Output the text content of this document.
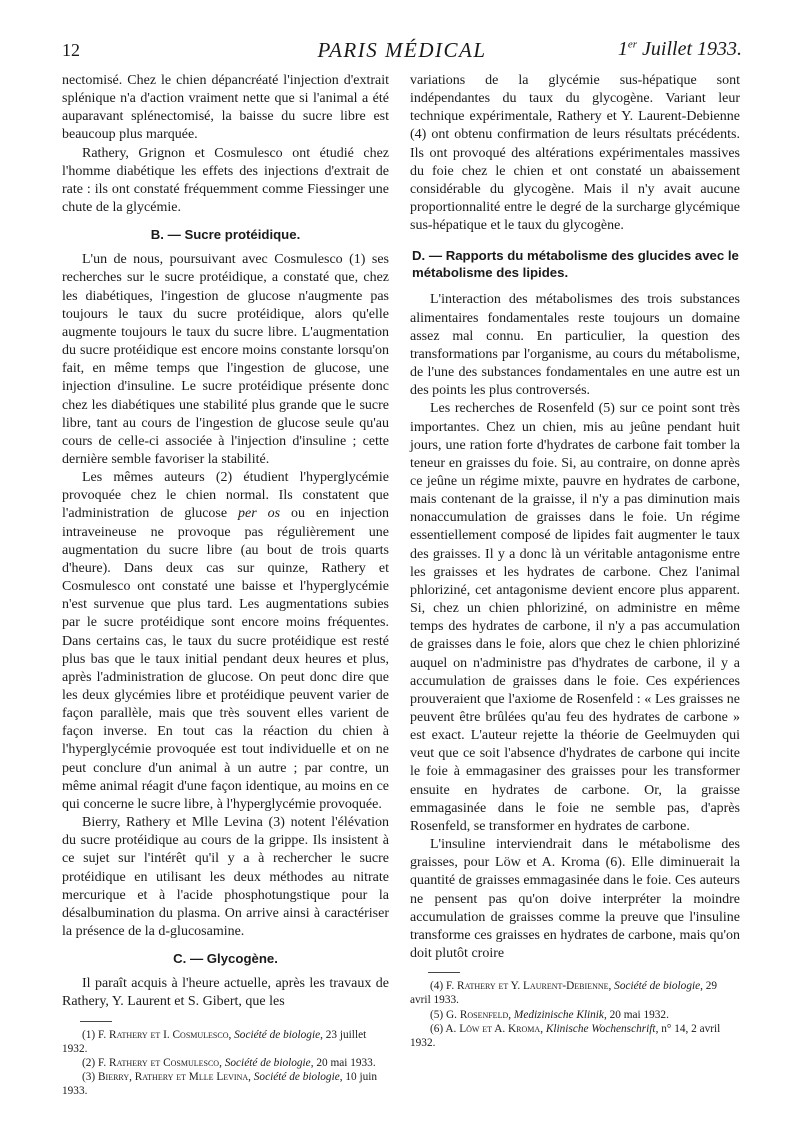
12	PARIS MÉDICAL	1er Juillet 1933.

nectomisé. Chez le chien dépancréaté l'injection d'extrait splénique n'a d'action vraiment nette que si l'animal a été auparavant splénectomisé, la baisse du sucre libre est beaucoup plus marquée.

Rathery, Grignon et Cosmulesco ont étudié chez l'homme diabétique les effets des injections d'extrait de rate : ils ont constaté fréquemment comme Fiessinger une chute de la glycémie.

B. — Sucre protéidique.

L'un de nous, poursuivant avec Cosmulesco (1) ses recherches sur le sucre protéidique, a constaté que, chez les diabétiques, l'ingestion de glucose n'augmente pas toujours le taux du sucre protéidique, alors qu'elle augmente toujours le taux du sucre libre. L'augmentation du sucre protéidique est encore moins constante lorsqu'on fait, en même temps que l'ingestion de glucose, une injection d'insuline. Le sucre protéidique présente donc chez les diabétiques une stabilité plus grande que le sucre libre, tant au cours de l'ingestion de glucose seule qu'au cours de celle-ci associée à l'injection d'insuline ; cette dernière semble favoriser la stabilité.

Les mêmes auteurs (2) étudient l'hyperglycémie provoquée chez le chien normal. Ils constatent que l'administration de glucose per os ou en injection intraveineuse ne provoque pas régulièrement une augmentation du sucre libre (au bout de trois quarts d'heure). Dans deux cas sur quinze, Rathery et Cosmulesco ont constaté une baisse et l'hyperglycémie n'est survenue que plus tard. Les augmentations subies par le sucre protéidique sont encore moins fréquentes. Dans certains cas, le taux du sucre protéidique est resté plus bas que le taux initial pendant deux heures et plus, après l'administration de glucose. On peut donc dire que les deux glycémies libre et protéidique peuvent varier de façon parallèle, mais que très souvent elles varient de façon inverse. En tout cas la réaction du chien à l'hyperglycémie provoquée est tout individuelle et on ne peut conclure d'un animal à un autre ; par contre, un même animal réagit d'une façon identique, au moins en ce qui concerne le sucre libre, à l'hyperglycémie provoquée.

Bierry, Rathery et Mlle Levina (3) notent l'élévation du sucre protéidique au cours de la grippe. Ils insistent à ce sujet sur l'intérêt qu'il y a à rechercher le sucre protéidique en utilisant les deux méthodes au nitrate mercurique et à l'acide phosphotungstique pour la désalbumination du plasma. On arrive ainsi à caractériser la présence de la d-glucosamine.

C. — Glycogène.

Il paraît acquis à l'heure actuelle, après les travaux de Rathery, Y. Laurent et S. Gibert, que les

(1) F. Rathery et I. Cosmulesco, Société de biologie, 23 juillet 1932.

(2) F. Rathery et Cosmulesco, Société de biologie, 20 mai 1933.

(3) Bierry, Rathery et Mlle Levina, Société de biologie, 10 juin 1933.

variations de la glycémie sus-hépatique sont indépendantes du taux du glycogène. Variant leur technique expérimentale, Rathery et Y. Laurent-Debienne (4) ont obtenu confirmation de leurs résultats précédents. Ils ont provoqué des altérations expérimentales massives du foie chez le chien et ont constaté un abaissement considérable du glycogène. Mais il n'y avait aucune proportionnalité entre le degré de la surcharge glycémique sus-hépatique et le taux du glycogène.

D. — Rapports du métabolisme des glucides avec le métabolisme des lipides.

L'interaction des métabolismes des trois substances alimentaires fondamentales reste toujours un domaine assez mal connu. En particulier, la question des transformations par l'organisme, au cours du métabolisme, de l'une des substances fondamentales en une autre est un des points les plus controversés.

Les recherches de Rosenfeld (5) sur ce point sont très importantes. Chez un chien, mis au jeûne pendant huit jours, une ration forte d'hydrates de carbone fait tomber la teneur en graisses du foie. Si, au contraire, on donne après ce jeûne un régime mixte, pauvre en hydrates de carbone, mais contenant de la graisse, il n'y a pas diminution mais nonaccumulation de graisses dans le foie. Un régime essentiellement composé de lipides fait augmenter le taux des graisses. Il y a donc là un véritable antagonisme entre les graisses et les hydrates de carbone. Chez l'animal phloriziné, cet antagonisme devient encore plus apparent. Si, chez un chien phloriziné, on administre en même temps des hydrates de carbone, il n'y a pas accumulation de graisses dans le foie, alors que chez le chien phloriziné auquel on n'administre pas d'hydrates de carbone, il y a accumulation de graisses dans le foie. Ces expériences prouveraient que l'axiome de Rosenfeld : « Les graisses ne peuvent être brûlées qu'au feu des hydrates de carbone » est exact. L'auteur rejette la théorie de Geelmuyden qui veut que ce soit l'absence d'hydrates de carbone qui incite le foie à emmagasiner des graisses pour les transformer ensuite en hydrates de carbone. Or, la graisse emmagasinée dans le foie ne semble pas, d'après Rosenfeld, se transformer en hydrates de carbone.

L'insuline interviendrait dans le métabolisme des graisses, pour Löw et A. Kroma (6). Elle diminuerait la quantité de graisses emmagasinée dans le foie. Ces auteurs ne pensent pas qu'on doive interpréter la moindre accumulation de graisses comme la preuve que l'insuline transforme ces graisses en hydrates de carbone, mais qu'on doit plutôt croire

(4) F. Rathery et Y. Laurent-Debienne, Société de biologie, 29 avril 1933.

(5) G. Rosenfeld, Medizinische Klinik, 20 mai 1932.

(6) A. Löw et A. Kroma, Klinische Wochenschrift, n° 14, 2 avril 1932.
